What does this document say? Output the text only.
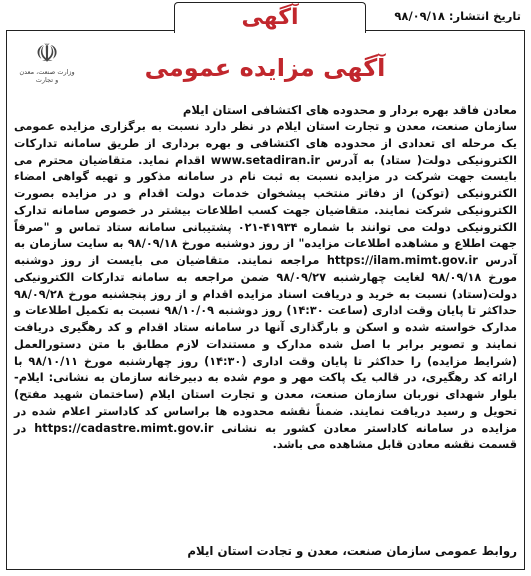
آگهی	تاریخ انتشار: ۹۸/۰۹/۱۸
☫
وزارت صنعت، معدن و تجارت	آگهی مزایده عمومی
معادن فاقد بهره بردار و محدوده های اکتشافی استان ایلام
سازمان صنعت، معدن و تجارت استان ایلام در نظر دارد نسبت به برگزاری مزایده عمومی یک مرحله ای تعدادی از محدوده های اکتشافی و بهره برداری از طریق سامانه تدارکات الکترونیکی دولت( ستاد) به آدرس www.setadiran.ir اقدام نماید. متقاضیان محترم می بایست جهت شرکت در مزایده نسبت به ثبت نام در سامانه مذکور و تهیه گواهی امضاء الکترونیکی (توکن) از دفاتر منتخب پیشخوان خدمات دولت اقدام و در مزایده بصورت الکترونیکی شرکت نمایند. متقاضیان جهت کسب اطلاعات بیشتر در خصوص سامانه تدارک الکترونیکی دولت می توانند با شماره ۴۱۹۳۴-۰۲۱ پشتیبانی سامانه ستاد تماس و "صرفاً جهت اطلاع و مشاهده اطلاعات مزایده" از روز دوشنبه مورخ ۹۸/۰۹/۱۸ به سایت سازمان به آدرس https://ilam.mimt.gov.ir مراجعه نمایند. متقاضیان می بایست از روز دوشنبه مورخ ۹۸/۰۹/۱۸ لغایت چهارشنبه ۹۸/۰۹/۲۷ ضمن مراجعه به سامانه تدارکات الکترونیکی دولت(ستاد) نسبت به خرید و دریافت اسناد مزایده اقدام و از روز پنجشنبه مورخ ۹۸/۰۹/۲۸ حداکثر تا پایان وقت اداری (ساعت ۱۴:۳۰) روز دوشنبه ۹۸/۱۰/۰۹ نسبت به تکمیل اطلاعات و مدارک خواسته شده و اسکن و بارگذاری آنها در سامانه ستاد اقدام و کد رهگیری دریافت نمایند و تصویر برابر با اصل شده مدارک و مستندات لازم مطابق با متن دستورالعمل (شرایط مزایده) را حداکثر تا پایان وقت اداری (۱۴:۳۰) روز چهارشنبه مورخ ۹۸/۱۰/۱۱ با ارائه کد رهگیری، در قالب یک پاکت مهر و موم شده به دبیرخانه سازمان به نشانی: ایلام- بلوار شهدای نوربان سازمان صنعت، معدن و تجارت استان ایلام (ساختمان شهید مفتح) تحویل و رسید دریافت نمایند. ضمناً نقشه محدوده ها براساس کد کاداستر اعلام شده در مزایده در سامانه کاداستر معادن کشور به نشانی https://cadastre.mimt.gov.ir در قسمت نقشه معادن قابل مشاهده می باشد.
روابط عمومی سازمان صنعت، معدن و تجادت استان ایلام
